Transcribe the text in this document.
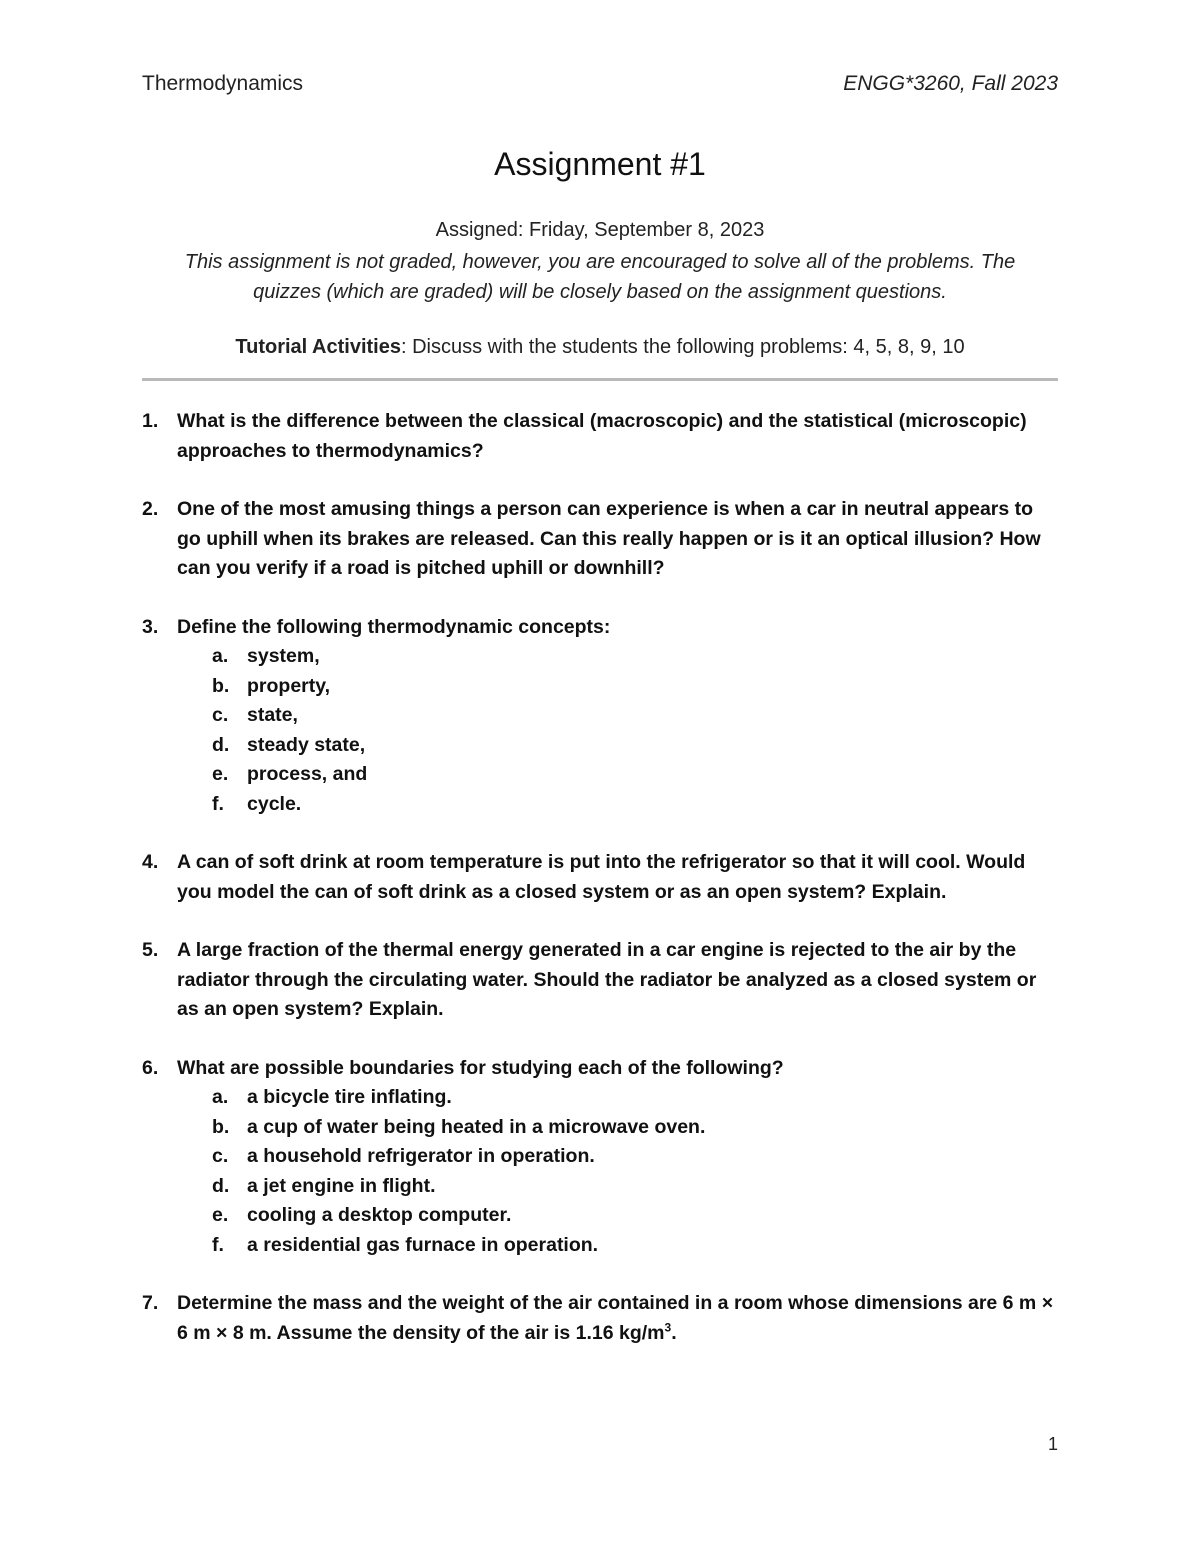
Thermodynamics	ENGG*3260, Fall 2023
Assignment #1
Assigned: Friday, September 8, 2023
This assignment is not graded, however, you are encouraged to solve all of the problems. The quizzes (which are graded) will be closely based on the assignment questions.
Tutorial Activities: Discuss with the students the following problems: 4, 5, 8, 9, 10
1. What is the difference between the classical (macroscopic) and the statistical (microscopic) approaches to thermodynamics?
2. One of the most amusing things a person can experience is when a car in neutral appears to go uphill when its brakes are released. Can this really happen or is it an optical illusion? How can you verify if a road is pitched uphill or downhill?
3. Define the following thermodynamic concepts:
a. system,
b. property,
c. state,
d. steady state,
e. process, and
f. cycle.
4. A can of soft drink at room temperature is put into the refrigerator so that it will cool. Would you model the can of soft drink as a closed system or as an open system? Explain.
5. A large fraction of the thermal energy generated in a car engine is rejected to the air by the radiator through the circulating water. Should the radiator be analyzed as a closed system or as an open system? Explain.
6. What are possible boundaries for studying each of the following?
a. a bicycle tire inflating.
b. a cup of water being heated in a microwave oven.
c. a household refrigerator in operation.
d. a jet engine in flight.
e. cooling a desktop computer.
f. a residential gas furnace in operation.
7. Determine the mass and the weight of the air contained in a room whose dimensions are 6 m × 6 m × 8 m. Assume the density of the air is 1.16 $kg/m^3$.
1
